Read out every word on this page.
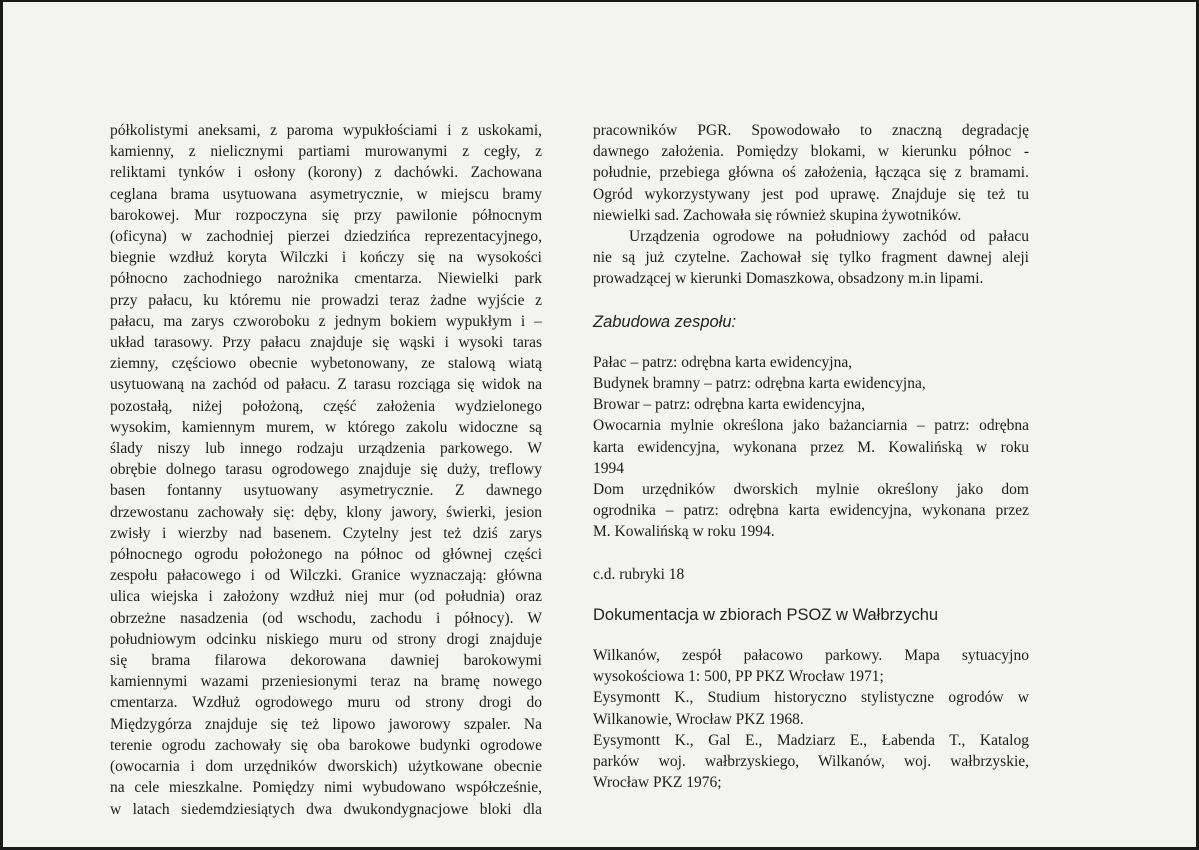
półkolistymi aneksami, z paroma wypukłościami i z uskokami,
kamienny, z nielicznymi partiami murowanymi z cegły, z
reliktami tynków i osłony (korony) z dachówki. Zachowana
ceglana brama usytuowana asymetrycznie, w miejscu bramy
barokowej. Mur rozpoczyna się przy pawilonie północnym
(oficyna) w zachodniej pierzei dziedzińca reprezentacyjnego,
biegnie wzdłuż koryta Wilczki i kończy się na wysokości
północno zachodniego narożnika cmentarza. Niewielki park
przy pałacu, ku któremu nie prowadzi teraz żadne wyjście z
pałacu, ma zarys czworoboku z jednym bokiem wypukłym i –
układ tarasowy. Przy pałacu znajduje się wąski i wysoki taras
ziemny, częściowo obecnie wybetonowany, ze stalową wiatą
usytuowaną na zachód od pałacu. Z tarasu rozciąga się widok na
pozostałą, niżej położoną, część założenia wydzielonego
wysokim, kamiennym murem, w którego zakolu widoczne są
ślady niszy lub innego rodzaju urządzenia parkowego. W
obrębie dolnego tarasu ogrodowego znajduje się duży, treflowy
basen fontanny usytuowany asymetrycznie. Z dawnego
drzewostanu zachowały się: dęby, klony jawory, świerki, jesion
zwisły i wierzby nad basenem. Czytelny jest też dziś zarys
północnego ogrodu położonego na północ od głównej części
zespołu pałacowego i od Wilczki. Granice wyznaczają: główna
ulica wiejska i założony wzdłuż niej mur (od południa) oraz
obrzeżne nasadzenia (od wschodu, zachodu i północy). W
południowym odcinku niskiego muru od strony drogi znajduje
się brama filarowa dekorowana dawniej barokowymi
kamiennymi wazami przeniesionymi teraz na bramę nowego
cmentarza. Wzdłuż ogrodowego muru od strony drogi do
Międzygórza znajduje się też lipowo jaworowy szpaler. Na
terenie ogrodu zachowały się oba barokowe budynki ogrodowe
(owocarnia i dom urzędników dworskich) użytkowane obecnie
na cele mieszkalne. Pomiędzy nimi wybudowano współcześnie,
w latach siedemdziesiątych dwa dwukondygnacjowe bloki dla

pracowników PGR. Spowodowało to znaczną degradację
dawnego założenia. Pomiędzy blokami, w kierunku północ -
południe, przebiega główna oś założenia, łącząca się z bramami.
Ogród wykorzystywany jest pod uprawę. Znajduje się też tu
niewielki sad. Zachowała się również skupina żywotników.

Urządzenia ogrodowe na południowy zachód od pałacu
nie są już czytelne. Zachował się tylko fragment dawnej aleji
prowadzącej w kierunki Domaszkowa, obsadzony m.in lipami.

Zabudowa zespołu:

Pałac – patrz: odrębna karta ewidencyjna,
Budynek bramny – patrz: odrębna karta ewidencyjna,
Browar – patrz: odrębna karta ewidencyjna,
Owocarnia mylnie określona jako bażanciarnia – patrz: odrębna
karta ewidencyjna, wykonana przez M. Kowalińską w roku
1994
Dom urzędników dworskich mylnie określony jako dom
ogrodnika – patrz: odrębna karta ewidencyjna, wykonana przez
M. Kowalińską w roku 1994.

c.d. rubryki 18

Dokumentacja w zbiorach PSOZ w Wałbrzychu

Wilkanów, zespół pałacowo parkowy. Mapa sytuacyjno
wysokościowa 1: 500, PP PKZ Wrocław 1971;
Eysymontt K., Studium historyczno stylistyczne ogrodów w
Wilkanowie, Wrocław PKZ 1968.
Eysymontt K., Gal E., Madziarz E., Łabenda T., Katalog
parków woj. wałbrzyskiego, Wilkanów, woj. wałbrzyskie,
Wrocław PKZ 1976;
